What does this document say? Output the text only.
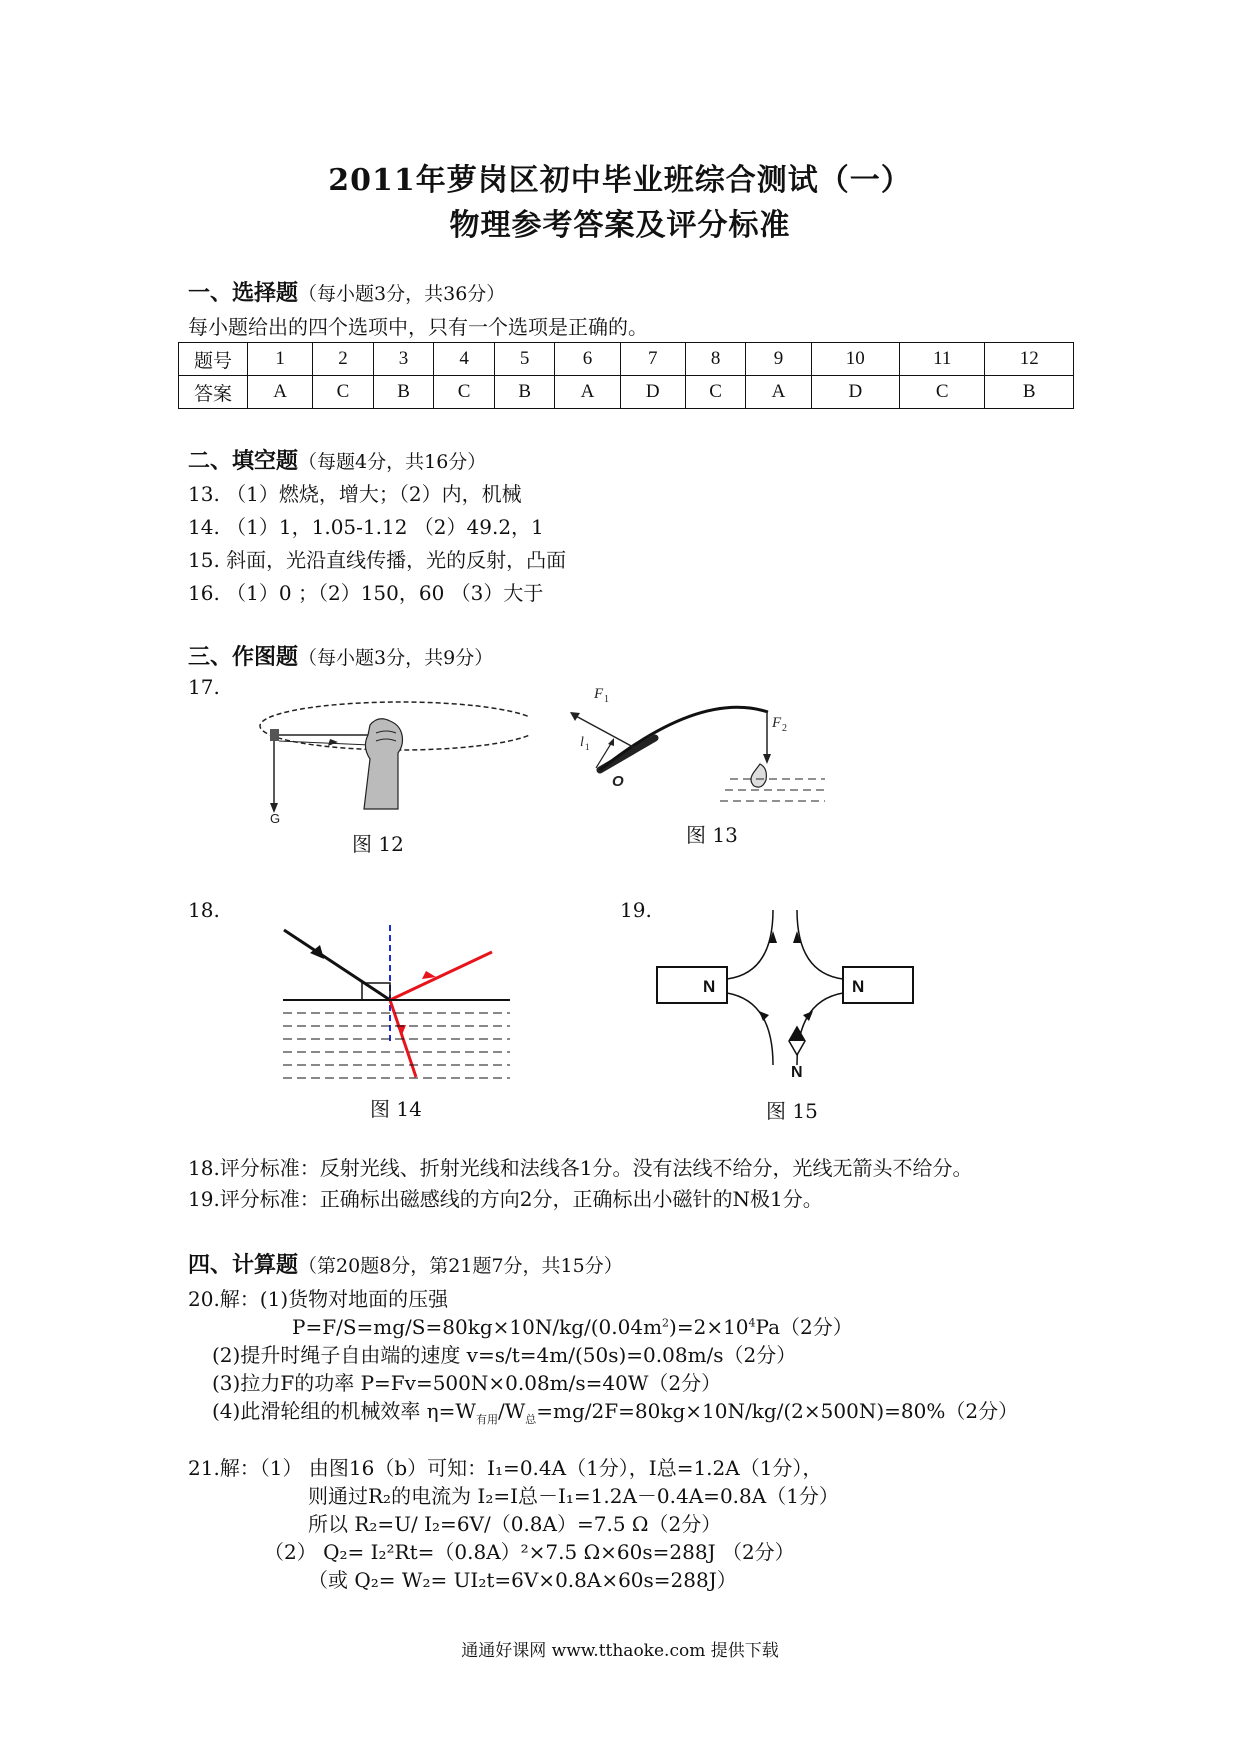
2011年萝岗区初中毕业班综合测试（一）
物理参考答案及评分标准
一、选择题（每小题3分，共36分）
每小题给出的四个选项中，只有一个选项是正确的。
题号	1	2	3	4	5	6	7	8	9	10	11	12
答案	A	C	B	C	B	A	D	C	A	D	C	B
二、填空题（每题4分，共16分）
13. （1）燃烧，增大；（2）内，机械
14. （1）1，1.05-1.12 （2）49.2，1
15. 斜面，光沿直线传播，光的反射，凸面
16. （1）0 ；（2）150，60 （3）大于
三、作图题（每小题3分，共9分）
17.
G
图 12
F 2
F 1
l 1
O
图 13
18.	19.
图 14
N	N
N
图 15
18.评分标准：反射光线、折射光线和法线各1分。没有法线不给分，光线无箭头不给分。
19.评分标准：正确标出磁感线的方向2分，正确标出小磁针的N极1分。
四、计算题（第20题8分，第21题7分，共15分）
20.解：(1)货物对地面的压强
$P=F/S=mg/S=80kg\times 10N/kg/(0.04m^2)=2\times 10^4Pa(2$分）
(2)提升时绳子自由端的速度 v=s/t=4m/(50s)=0.08m/s（2分）
(3)拉力F的功率 P=Fv=500N×0.08m/s=40W（2分）
(4)此滑轮组的机械效率 $\eta=W_{有用}/W_总=mg/2F=80kg\times 10N/kg/(2\times 500N)=80\%(2$分）
21.解：（1） 由图16（b）可知：I₁=0.4A（1分），I总=1.2A（1分），
则通过R₂的电流为 I₂=I总－I₁=1.2A－0.4A=0.8A（1分）
所以 R₂=U/ I₂=6V/（0.8A）=7.5 Ω（2分）
（2） Q₂= I₂²Rt=（0.8A）²×7.5 Ω×60s=288J （2分）
（或 Q₂= W₂= UI₂t=6V×0.8A×60s=288J）
通通好课网 www.tthaoke.com 提供下载
